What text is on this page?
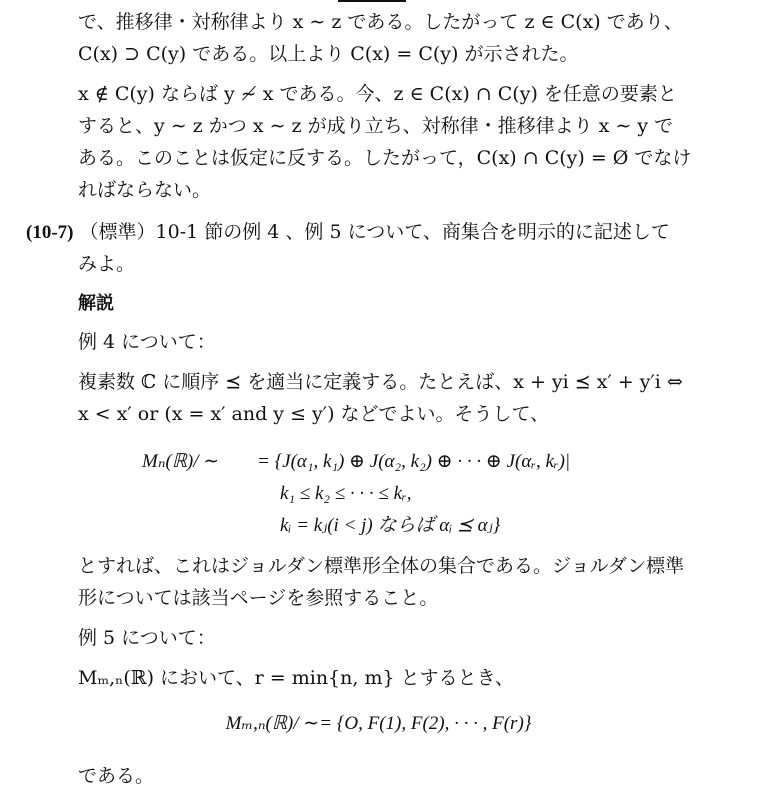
で、推移律・対称律より x ∼ z である。したがって z ∈ C(x) であり、
C(x) ⊃ C(y) である。以上より C(x) = C(y) が示された。
x ∉ C(y) ならば y ≁ x である。今、z ∈ C(x) ∩ C(y) を任意の要素と
すると、y ∼ z かつ x ∼ z が成り立ち、対称律・推移律より x ∼ y で
ある。このことは仮定に反する。したがって，C(x) ∩ C(y) = Ø でなけ
ればならない。
(10-7) （標準）10-1 節の例 4 、例 5 について、商集合を明示的に記述して
みよ。
解説
例 4 について：
複素数 ℂ に順序 ⪯ を適当に定義する。たとえば、x + yi ⪯ x′ + y′i ⇔
x < x′ or (x = x′ and y ≤ y′) などでよい。そうして、
Mₙ(ℝ)/ ∼ = {J(α₁, k₁) ⊕ J(α₂, k₂) ⊕ · · · ⊕ J(αᵣ, kᵣ)|
k₁ ≤ k₂ ≤ · · · ≤ kᵣ,
kᵢ = kⱼ(i < j) ならば αᵢ ⪯ αⱼ}
とすれば、これはジョルダン標準形全体の集合である。ジョルダン標準
形については該当ページを参照すること。
例 5 について：
Mₘ,ₙ(ℝ) において、r = min{n, m} とするとき、
Mₘ,ₙ(ℝ)/ ∼= {O, F(1), F(2), · · · , F(r)}
である。
